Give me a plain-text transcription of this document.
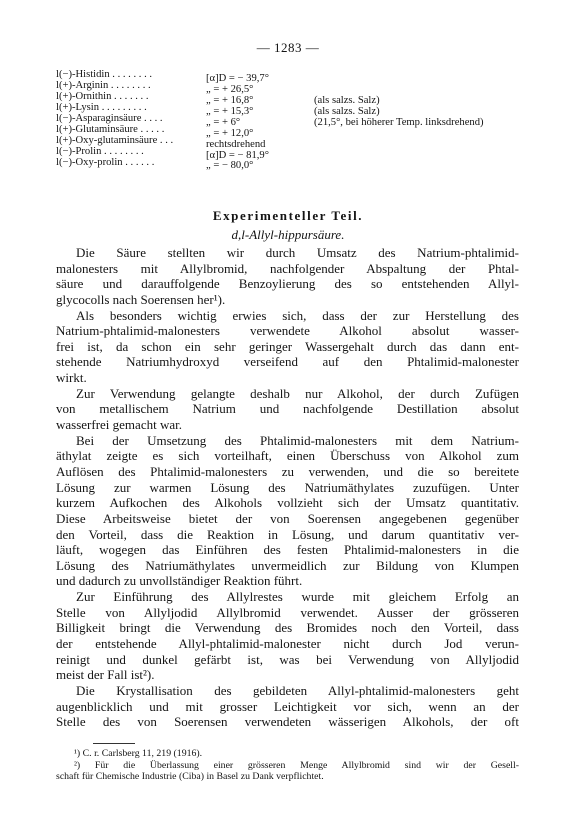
— 1283 —
l(−)-Histidin . . . . . . . .	[α]D = − 39,7°
l(+)-Arginin . . . . . . . .	„ = + 26,5°
l(+)-Ornithin . . . . . . .	„ = + 16,8°	(als salzs. Salz)
l(+)-Lysin . . . . . . . . .	„ = + 15,3°	(als salzs. Salz)
l(−)-Asparaginsäure . . . .	„ = + 6°	(21,5°, bei höherer Temp. linksdrehend)
l(+)-Glutaminsäure . . . . .	„ = + 12,0°
l(+)-Oxy-glutaminsäure . . .	rechtsdrehend
l(−)-Prolin . . . . . . . .	[α]D = − 81,9°
l(−)-Oxy-prolin . . . . . .	„ = − 80,0°
Experimenteller Teil.
d,l-Allyl-hippursäure.
Die Säure stellten wir durch Umsatz des Natrium-phtalimid-
malonesters mit Allylbromid, nachfolgender Abspaltung der Phtal-
säure und darauffolgende Benzoylierung des so entstehenden Allyl-
glycocolls nach Soerensen her¹).
Als besonders wichtig erwies sich, dass der zur Herstellung des
Natrium-phtalimid-malonesters verwendete Alkohol absolut wasser-
frei ist, da schon ein sehr geringer Wassergehalt durch das dann ent-
stehende Natriumhydroxyd verseifend auf den Phtalimid-malonester
wirkt.
Zur Verwendung gelangte deshalb nur Alkohol, der durch Zufügen
von metallischem Natrium und nachfolgende Destillation absolut
wasserfrei gemacht war.
Bei der Umsetzung des Phtalimid-malonesters mit dem Natrium-
äthylat zeigte es sich vorteilhaft, einen Überschuss von Alkohol zum
Auflösen des Phtalimid-malonesters zu verwenden, und die so bereitete
Lösung zur warmen Lösung des Natriumäthylates zuzufügen. Unter
kurzem Aufkochen des Alkohols vollzieht sich der Umsatz quantitativ.
Diese Arbeitsweise bietet der von Soerensen angegebenen gegenüber
den Vorteil, dass die Reaktion in Lösung, und darum quantitativ ver-
läuft, wogegen das Einführen des festen Phtalimid-malonesters in die
Lösung des Natriumäthylates unvermeidlich zur Bildung von Klumpen
und dadurch zu unvollständiger Reaktion führt.
Zur Einführung des Allylrestes wurde mit gleichem Erfolg an
Stelle von Allyljodid Allylbromid verwendet. Ausser der grösseren
Billigkeit bringt die Verwendung des Bromides noch den Vorteil, dass
der entstehende Allyl-phtalimid-malonester nicht durch Jod verun-
reinigt und dunkel gefärbt ist, was bei Verwendung von Allyljodid
meist der Fall ist²).
Die Krystallisation des gebildeten Allyl-phtalimid-malonesters geht
augenblicklich und mit grosser Leichtigkeit vor sich, wenn an der
Stelle des von Soerensen verwendeten wässerigen Alkohols, der oft
¹) C. r. Carlsberg 11, 219 (1916).
²) Für die Überlassung einer grösseren Menge Allylbromid sind wir der Gesell-
schaft für Chemische Industrie (Ciba) in Basel zu Dank verpflichtet.
